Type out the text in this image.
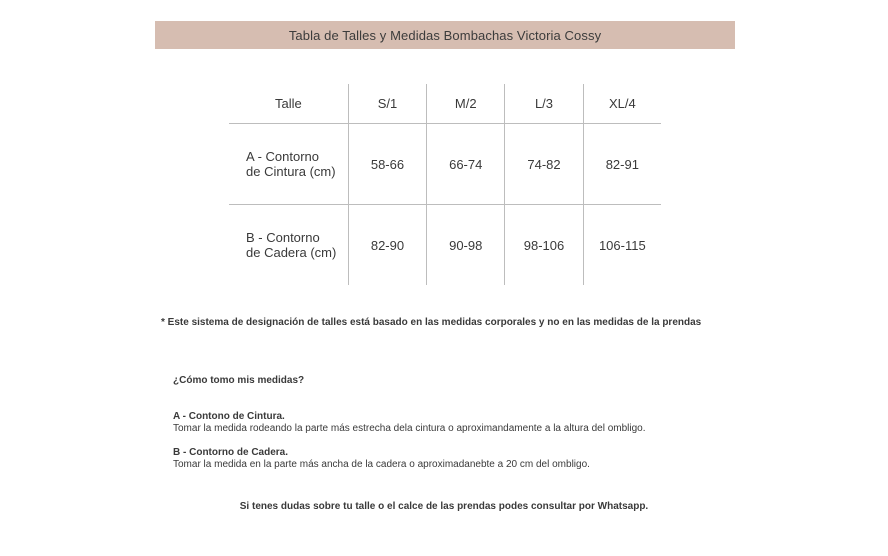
Tabla de Talles y Medidas Bombachas Victoria Cossy
Talle	S/1	M/2	L/3	XL/4
A - Contorno
de Cintura (cm)	58-66	66-74	74-82	82-91
B - Contorno
de Cadera (cm)	82-90	90-98	98-106	106-115
* Este sistema de designación de talles está basado en las medidas corporales y no en las medidas de la prendas
¿Cómo tomo mis medidas?
A - Contono de Cintura.
Tomar la medida rodeando la parte más estrecha dela cintura o aproximandamente a la altura del ombligo.
B - Contorno de Cadera.
Tomar la medida en la parte más ancha de la cadera o aproximadanebte a 20 cm del ombligo.
Si tenes dudas sobre tu talle o el calce de las prendas podes consultar por Whatsapp.
